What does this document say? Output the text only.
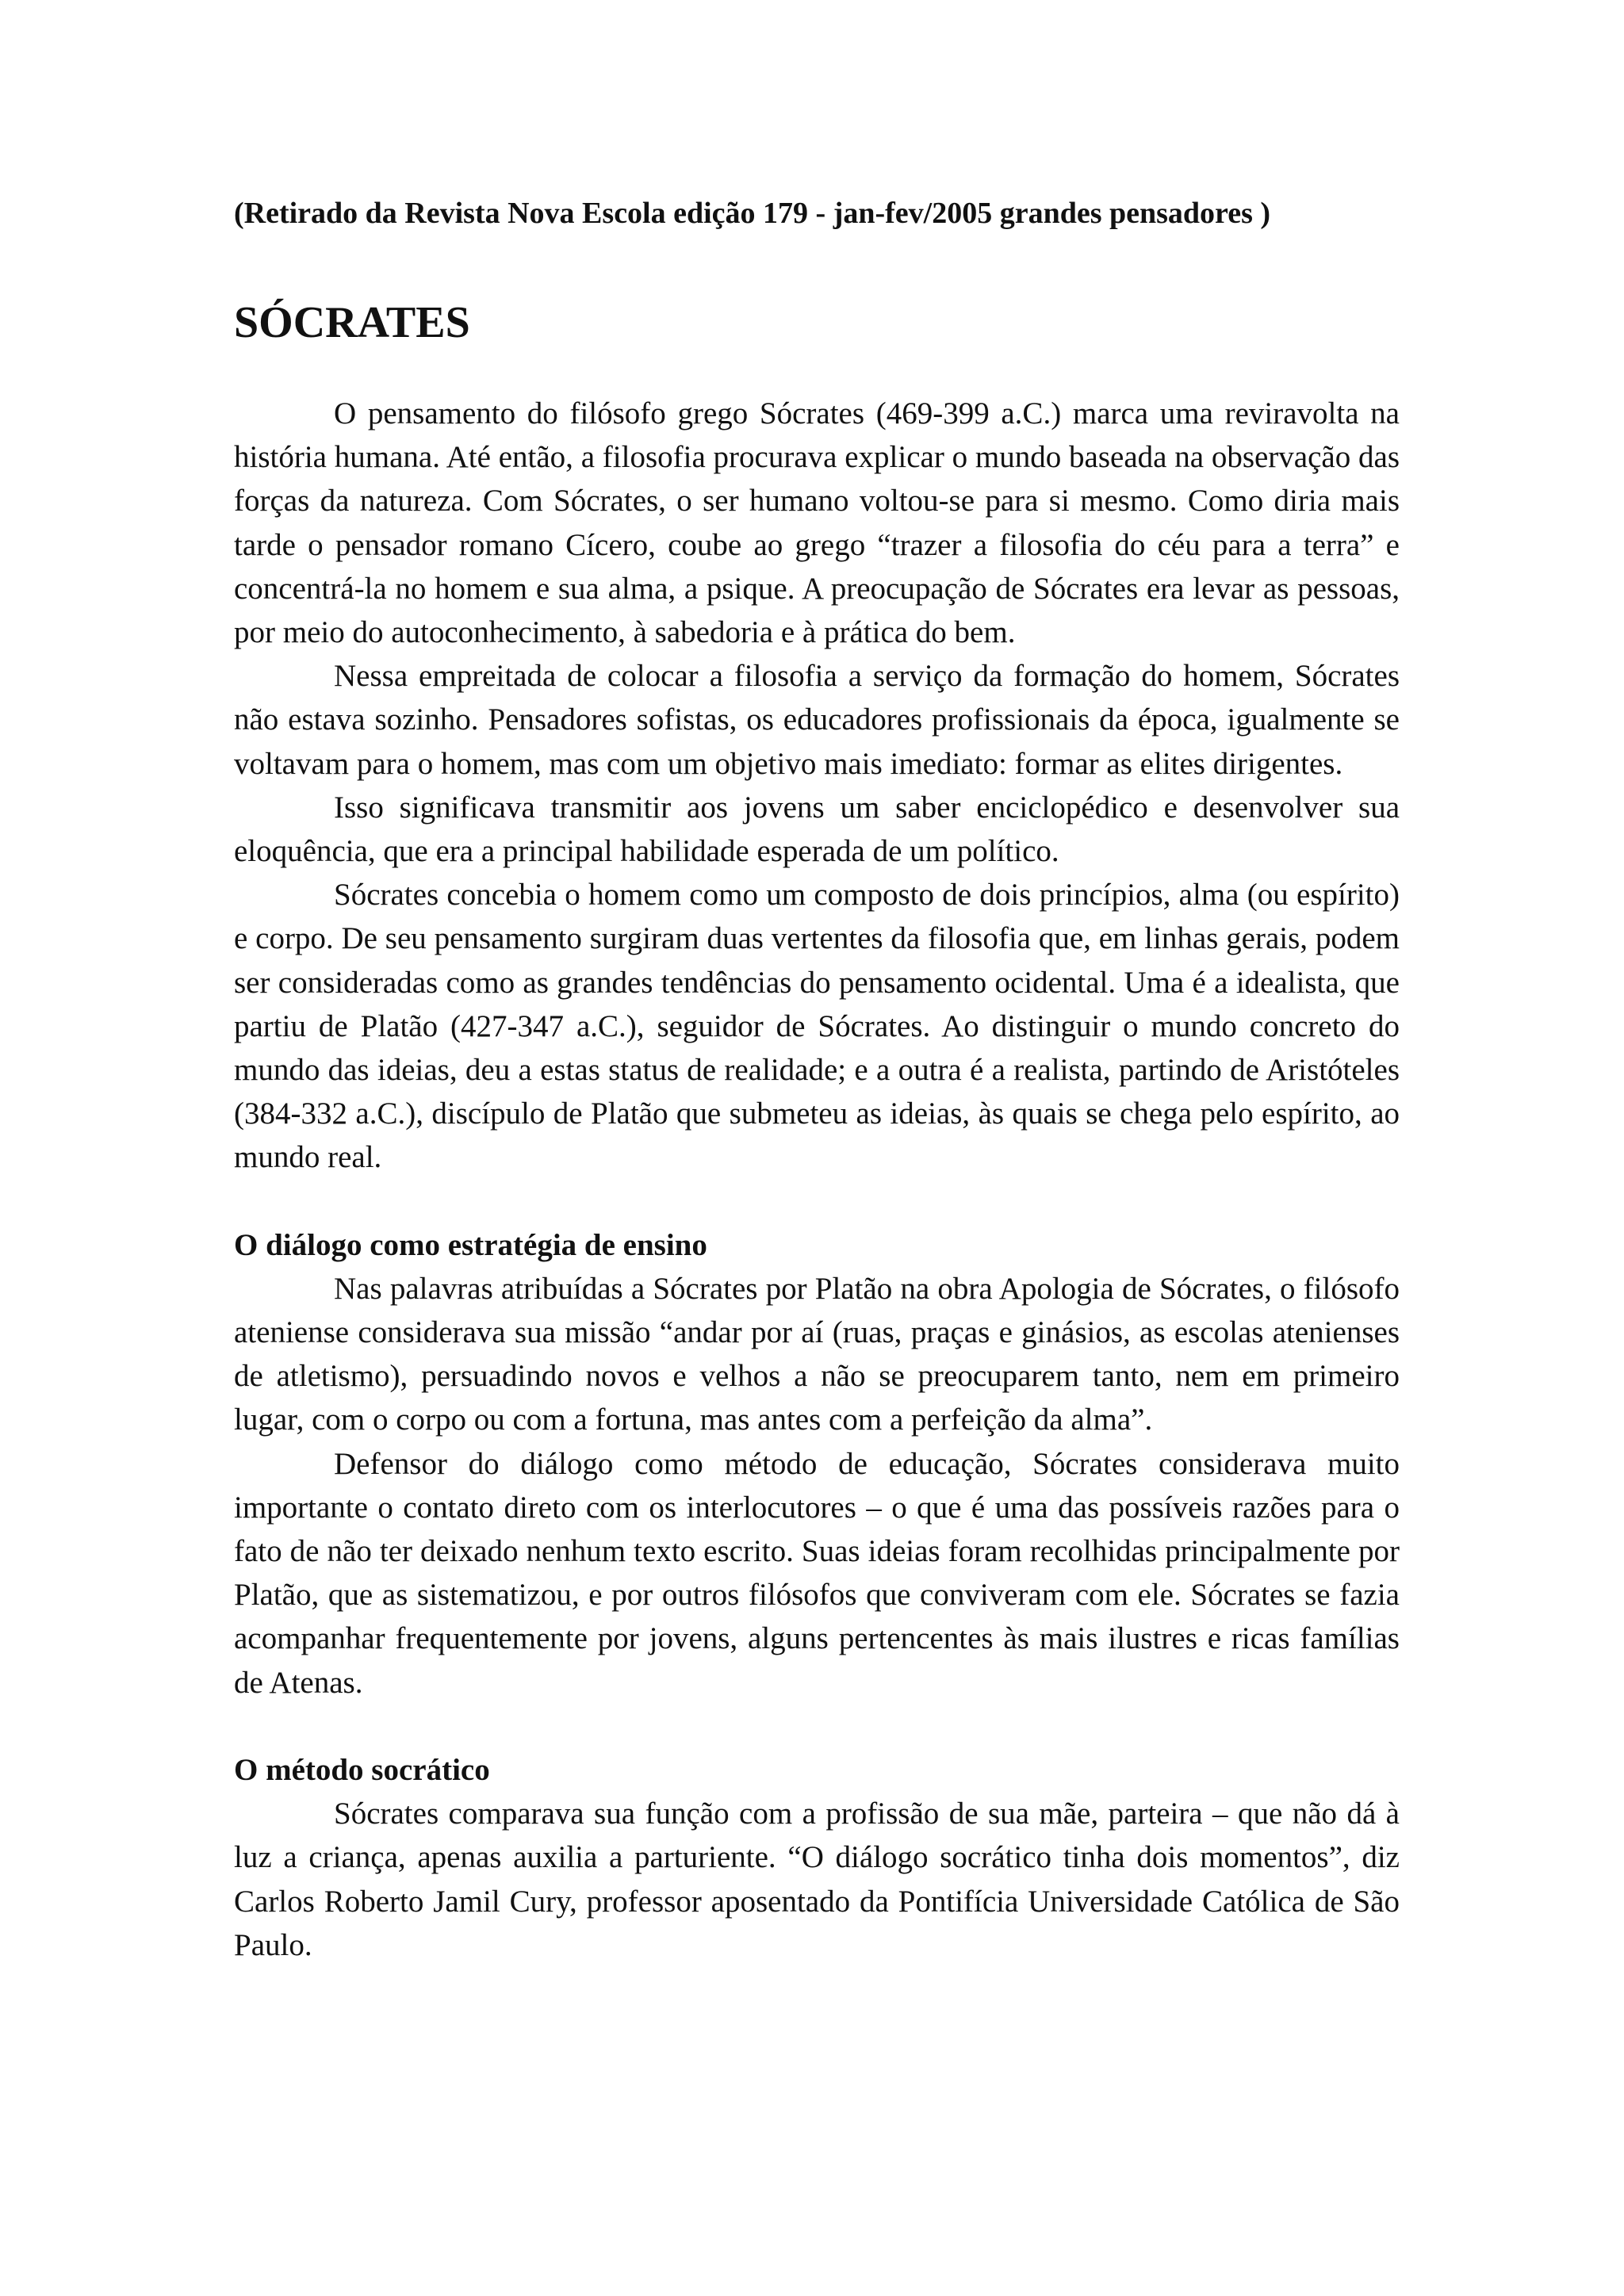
(Retirado da Revista Nova Escola edição 179 - jan-fev/2005 grandes pensadores )

SÓCRATES

O pensamento do filósofo grego Sócrates (469-399 a.C.) marca uma reviravolta na história humana. Até então, a filosofia procurava explicar o mundo baseada na observação das forças da natureza. Com Sócrates, o ser humano voltou-se para si mesmo. Como diria mais tarde o pensador romano Cícero, coube ao grego “trazer a filosofia do céu para a terra” e concentrá-la no homem e sua alma, a psique. A preocupação de Sócrates era levar as pessoas, por meio do autoconhecimento, à sabedoria e à prática do bem.

Nessa empreitada de colocar a filosofia a serviço da formação do homem, Sócrates não estava sozinho. Pensadores sofistas, os educadores profissionais da época, igualmente se voltavam para o homem, mas com um objetivo mais imediato: formar as elites dirigentes.

Isso significava transmitir aos jovens um saber enciclopédico e desenvolver sua eloquência, que era a principal habilidade esperada de um político.

Sócrates concebia o homem como um composto de dois princípios, alma (ou espírito) e corpo. De seu pensamento surgiram duas vertentes da filosofia que, em linhas gerais, podem ser consideradas como as grandes tendências do pensamento ocidental. Uma é a idealista, que partiu de Platão (427-347 a.C.), seguidor de Sócrates. Ao distinguir o mundo concreto do mundo das ideias, deu a estas status de realidade; e a outra é a realista, partindo de Aristóteles (384-332 a.C.), discípulo de Platão que submeteu as ideias, às quais se chega pelo espírito, ao mundo real.

O diálogo como estratégia de ensino

Nas palavras atribuídas a Sócrates por Platão na obra Apologia de Sócrates, o filósofo ateniense considerava sua missão “andar por aí (ruas, praças e ginásios, as escolas atenienses de atletismo), persuadindo novos e velhos a não se preocuparem tanto, nem em primeiro lugar, com o corpo ou com a fortuna, mas antes com a perfeição da alma”.

Defensor do diálogo como método de educação, Sócrates considerava muito importante o contato direto com os interlocutores – o que é uma das possíveis razões para o fato de não ter deixado nenhum texto escrito. Suas ideias foram recolhidas principalmente por Platão, que as sistematizou, e por outros filósofos que conviveram com ele. Sócrates se fazia acompanhar frequentemente por jovens, alguns pertencentes às mais ilustres e ricas famílias de Atenas.

O método socrático

Sócrates comparava sua função com a profissão de sua mãe, parteira – que não dá à luz a criança, apenas auxilia a parturiente. “O diálogo socrático tinha dois momentos”, diz Carlos Roberto Jamil Cury, professor aposentado da Pontifícia Universidade Católica de São Paulo.
